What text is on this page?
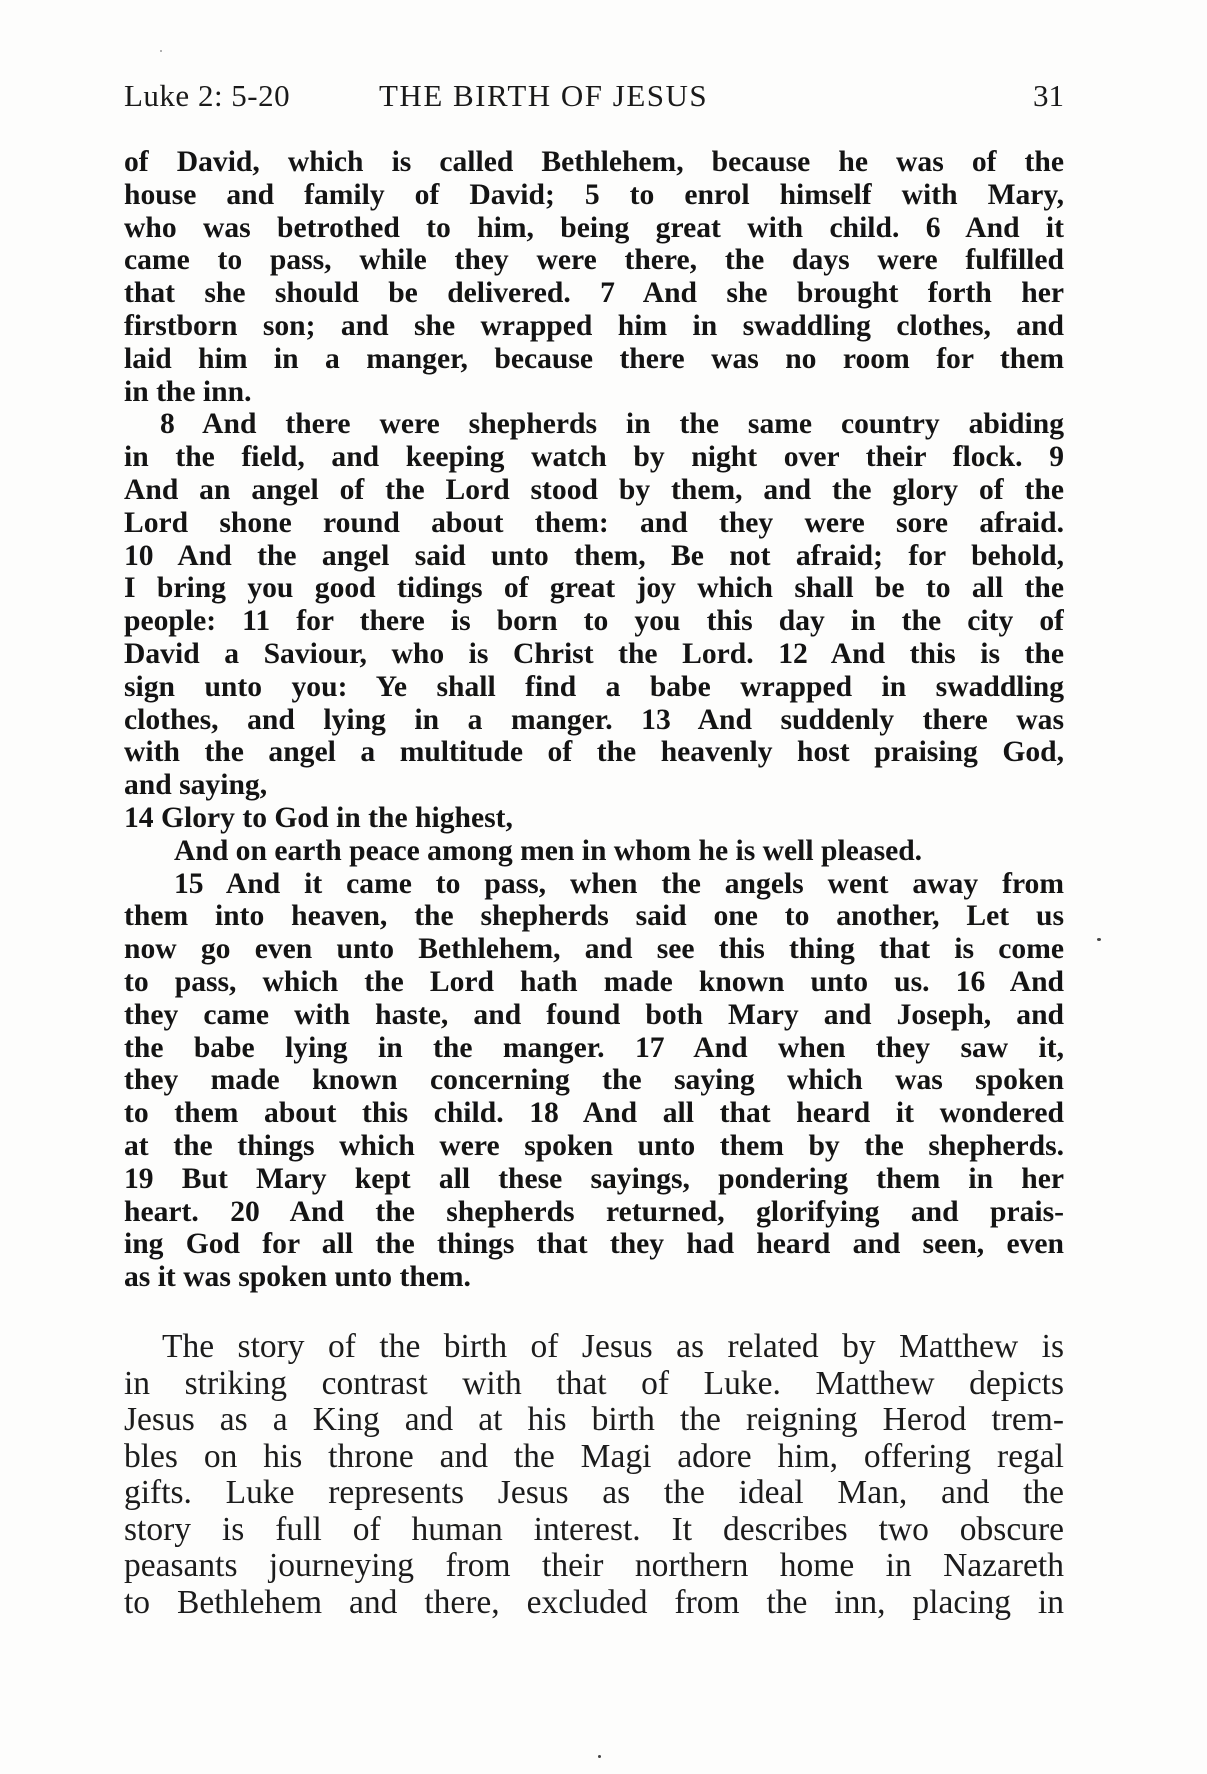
Luke 2: 5-20	THE BIRTH OF JESUS	31
of David, which is called Bethlehem, because he was of the
house and family of David; 5 to enrol himself with Mary,
who was betrothed to him, being great with child. 6 And it
came to pass, while they were there, the days were fulfilled
that she should be delivered. 7 And she brought forth her
firstborn son; and she wrapped him in swaddling clothes, and
laid him in a manger, because there was no room for them
in the inn.
8 And there were shepherds in the same country abiding
in the field, and keeping watch by night over their flock. 9
And an angel of the Lord stood by them, and the glory of the
Lord shone round about them: and they were sore afraid.
10 And the angel said unto them, Be not afraid; for behold,
I bring you good tidings of great joy which shall be to all the
people: 11 for there is born to you this day in the city of
David a Saviour, who is Christ the Lord. 12 And this is the
sign unto you: Ye shall find a babe wrapped in swaddling
clothes, and lying in a manger. 13 And suddenly there was
with the angel a multitude of the heavenly host praising God,
and saying,
14 Glory to God in the highest,
And on earth peace among men in whom he is well pleased.
15 And it came to pass, when the angels went away from
them into heaven, the shepherds said one to another, Let us
now go even unto Bethlehem, and see this thing that is come
to pass, which the Lord hath made known unto us. 16 And
they came with haste, and found both Mary and Joseph, and
the babe lying in the manger. 17 And when they saw it,
they made known concerning the saying which was spoken
to them about this child. 18 And all that heard it wondered
at the things which were spoken unto them by the shepherds.
19 But Mary kept all these sayings, pondering them in her
heart. 20 And the shepherds returned, glorifying and prais-
ing God for all the things that they had heard and seen, even
as it was spoken unto them.
The story of the birth of Jesus as related by Matthew is
in striking contrast with that of Luke. Matthew depicts
Jesus as a King and at his birth the reigning Herod trem-
bles on his throne and the Magi adore him, offering regal
gifts. Luke represents Jesus as the ideal Man, and the
story is full of human interest. It describes two obscure
peasants journeying from their northern home in Nazareth
to Bethlehem and there, excluded from the inn, placing in
